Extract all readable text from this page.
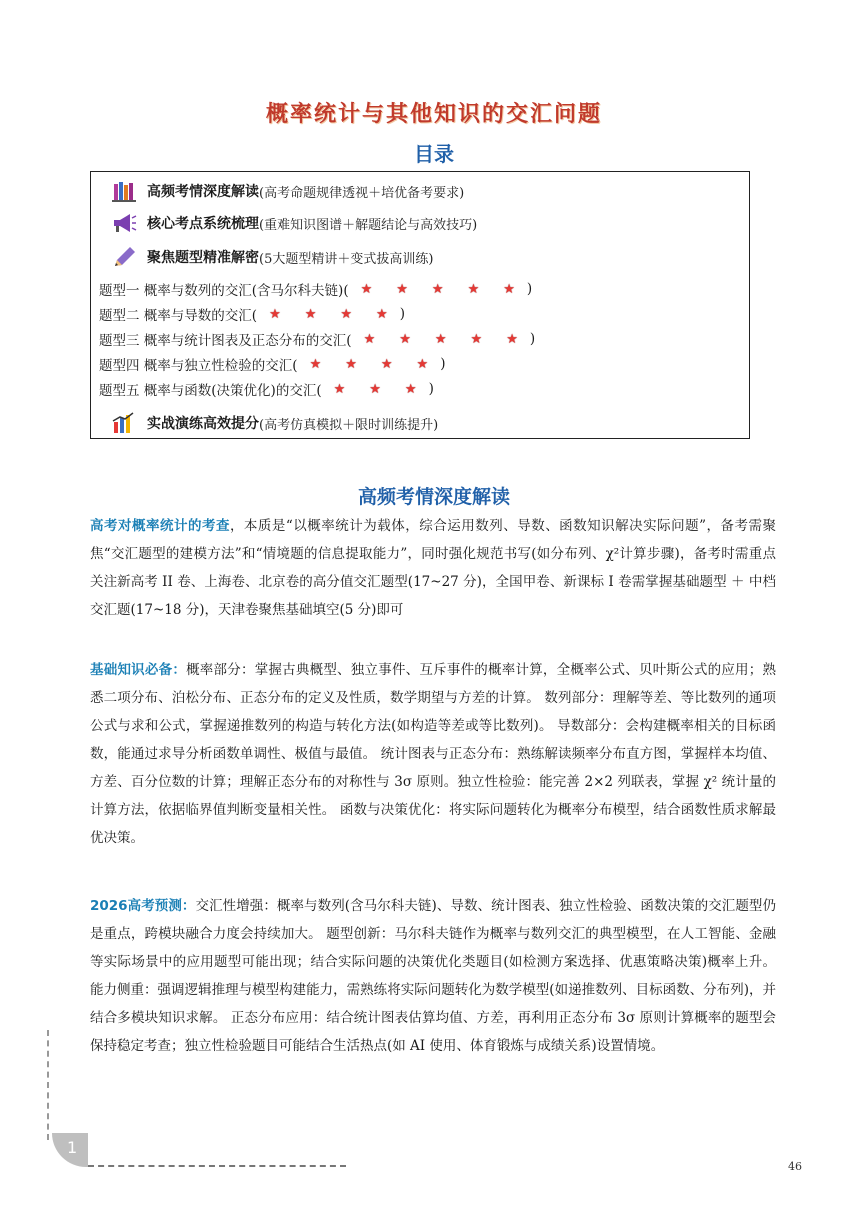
概率统计与其他知识的交汇问题
目录
高频考情深度解读 (高考命题规律透视＋培优备考要求)
核心考点系统梳理 (重难知识图谱＋解题结论与高效技巧)
聚焦题型精准解密 (5大题型精讲＋变式拔高训练)
题型一 概率与数列的交汇(含马尔科夫链)( ★ ★ ★ ★ ★ )
题型二 概率与导数的交汇( ★ ★ ★ ★ )
题型三 概率与统计图表及正态分布的交汇( ★ ★ ★ ★ ★ )
题型四 概率与独立性检验的交汇( ★ ★ ★ ★ )
题型五 概率与函数(决策优化)的交汇( ★ ★ ★ )
实战演练高效提分 (高考仿真模拟＋限时训练提升)
高频考情深度解读
高考对概率统计的考查，本质是“以概率统计为载体，综合运用数列、导数、函数知识解决实际问题”，备考需聚焦“交汇题型的建模方法”和“情境题的信息提取能力”，同时强化规范书写(如分布列、χ²计算步骤)，备考时需重点关注新高考 II 卷、上海卷、北京卷的高分值交汇题型(17~27 分)，全国甲卷、新课标 I 卷需掌握基础题型 ＋ 中档交汇题(17~18 分)，天津卷聚焦基础填空(5 分)即可
基础知识必备：概率部分：掌握古典概型、独立事件、互斥事件的概率计算，全概率公式、贝叶斯公式的应用；熟悉二项分布、泊松分布、正态分布的定义及性质，数学期望与方差的计算。 数列部分：理解等差、等比数列的通项公式与求和公式，掌握递推数列的构造与转化方法(如构造等差或等比数列)。 导数部分：会构建概率相关的目标函数，能通过求导分析函数单调性、极值与最值。 统计图表与正态分布：熟练解读频率分布直方图，掌握样本均值、方差、百分位数的计算；理解正态分布的对称性与 3σ 原则。独立性检验：能完善 2×2 列联表，掌握 χ² 统计量的计算方法，依据临界值判断变量相关性。 函数与决策优化：将实际问题转化为概率分布模型，结合函数性质求解最优决策。
2026高考预测：交汇性增强：概率与数列(含马尔科夫链)、导数、统计图表、独立性检验、函数决策的交汇题型仍是重点，跨模块融合力度会持续加大。 题型创新：马尔科夫链作为概率与数列交汇的典型模型，在人工智能、金融等实际场景中的应用题型可能出现；结合实际问题的决策优化类题目(如检测方案选择、优惠策略决策)概率上升。 能力侧重：强调逻辑推理与模型构建能力，需熟练将实际问题转化为数学模型(如递推数列、目标函数、分布列)，并结合多模块知识求解。 正态分布应用：结合统计图表估算均值、方差，再利用正态分布 3σ 原则计算概率的题型会保持稳定考查；独立性检验题目可能结合生活热点(如 AI 使用、体育锻炼与成绩关系)设置情境。
1
46
